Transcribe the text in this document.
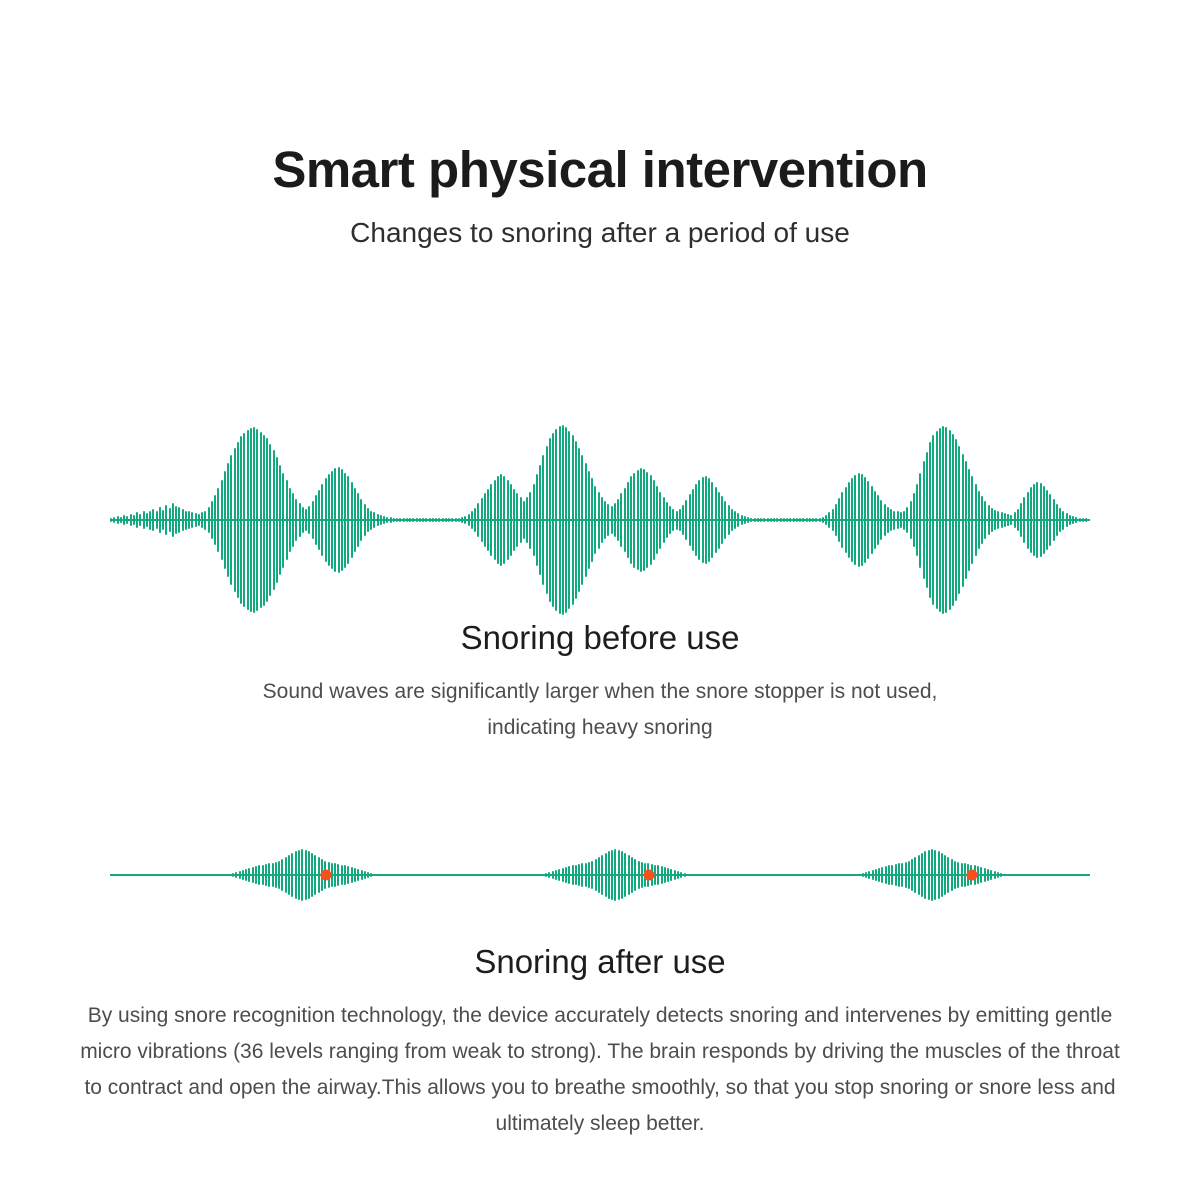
Smart physical intervention

Changes to snoring after a period of use

Snoring before use

Sound waves are significantly larger when the snore stopper is not used, indicating heavy snoring

Snoring after use

By using snore recognition technology, the device accurately detects snoring and intervenes by emitting gentle micro vibrations (36 levels ranging from weak to strong). The brain responds by driving the muscles of the throat to contract and open the airway.This allows you to breathe smoothly, so that you stop snoring or snore less and ultimately sleep better.
